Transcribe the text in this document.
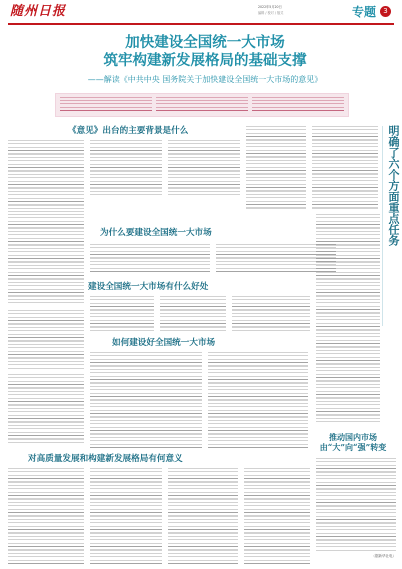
随州日报	2022年5月20日
编辑 / 校对 / 版式	专题	3
加快建设全国统一大市场
筑牢构建新发展格局的基础支撑
——解读《中共中央 国务院关于加快建设全国统一大市场的意见》
《意见》出台的主要背景是什么
为什么要建设全国统一大市场	明确了六个方面重点任务
建设全国统一大市场有什么好处
如何建设好全国统一大市场
推动国内市场
由“大”向“强”转变
对高质量发展和构建新发展格局有何意义
（据新华社电）
